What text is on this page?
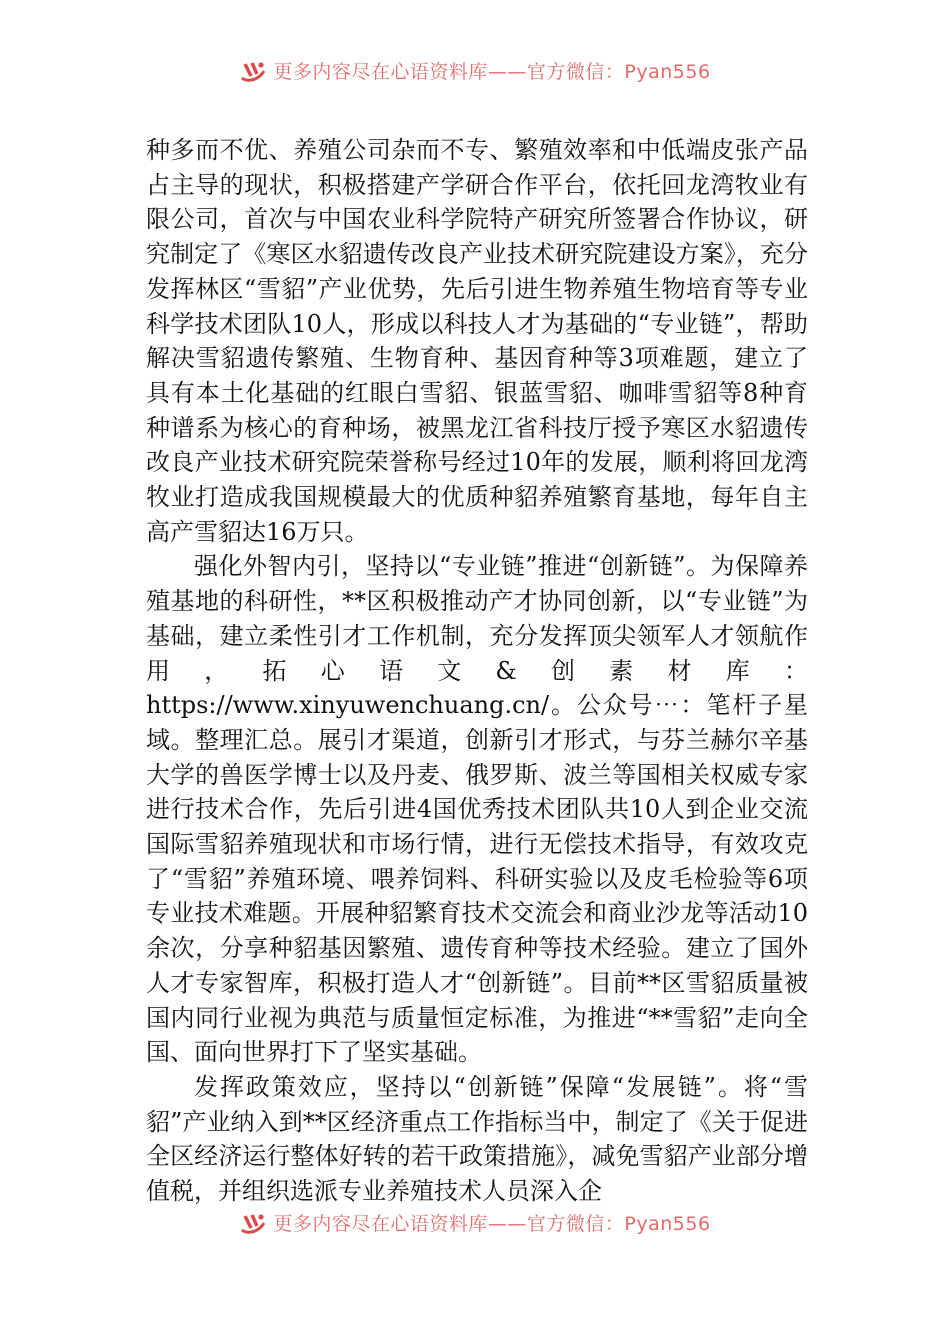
更多内容尽在心语资料库——官方微信：Pyan556

种多而不优、养殖公司杂而不专、繁殖效率和中低端皮张产品占主导的现状，积极搭建产学研合作平台，依托回龙湾牧业有限公司，首次与中国农业科学院特产研究所签署合作协议，研究制定了《寒区水貂遗传改良产业技术研究院建设方案》，充分发挥林区“雪貂”产业优势，先后引进生物养殖生物培育等专业科学技术团队10人，形成以科技人才为基础的“专业链”，帮助解决雪貂遗传繁殖、生物育种、基因育种等3项难题，建立了具有本土化基础的红眼白雪貂、银蓝雪貂、咖啡雪貂等8种育种谱系为核心的育种场，被黑龙江省科技厅授予寒区水貂遗传改良产业技术研究院荣誉称号经过10年的发展，顺利将回龙湾牧业打造成我国规模最大的优质种貂养殖繁育基地，每年自主高产雪貂达16万只。

强化外智内引，坚持以“专业链”推进“创新链”。为保障养殖基地的科研性，**区积极推动产才协同创新，以“专业链”为基础，建立柔性引才工作机制，充分发挥顶尖领军人才领航作用，拓心语文&创素材库：https://www.xinyuwenchuang.cn/。公众号⋯：笔杆子星域。整理汇总。展引才渠道，创新引才形式，与芬兰赫尔辛基大学的兽医学博士以及丹麦、俄罗斯、波兰等国相关权威专家进行技术合作，先后引进4国优秀技术团队共10人到企业交流国际雪貂养殖现状和市场行情，进行无偿技术指导，有效攻克了“雪貂”养殖环境、喂养饲料、科研实验以及皮毛检验等6项专业技术难题。开展种貂繁育技术交流会和商业沙龙等活动10余次，分享种貂基因繁殖、遗传育种等技术经验。建立了国外人才专家智库，积极打造人才“创新链”。目前**区雪貂质量被国内同行业视为典范与质量恒定标准，为推进“**雪貂”走向全国、面向世界打下了坚实基础。

发挥政策效应，坚持以“创新链”保障“发展链”。将“雪貂”产业纳入到**区经济重点工作指标当中，制定了《关于促进全区经济运行整体好转的若干政策措施》，减免雪貂产业部分增值税，并组织选派专业养殖技术人员深入企

更多内容尽在心语资料库——官方微信：Pyan556
